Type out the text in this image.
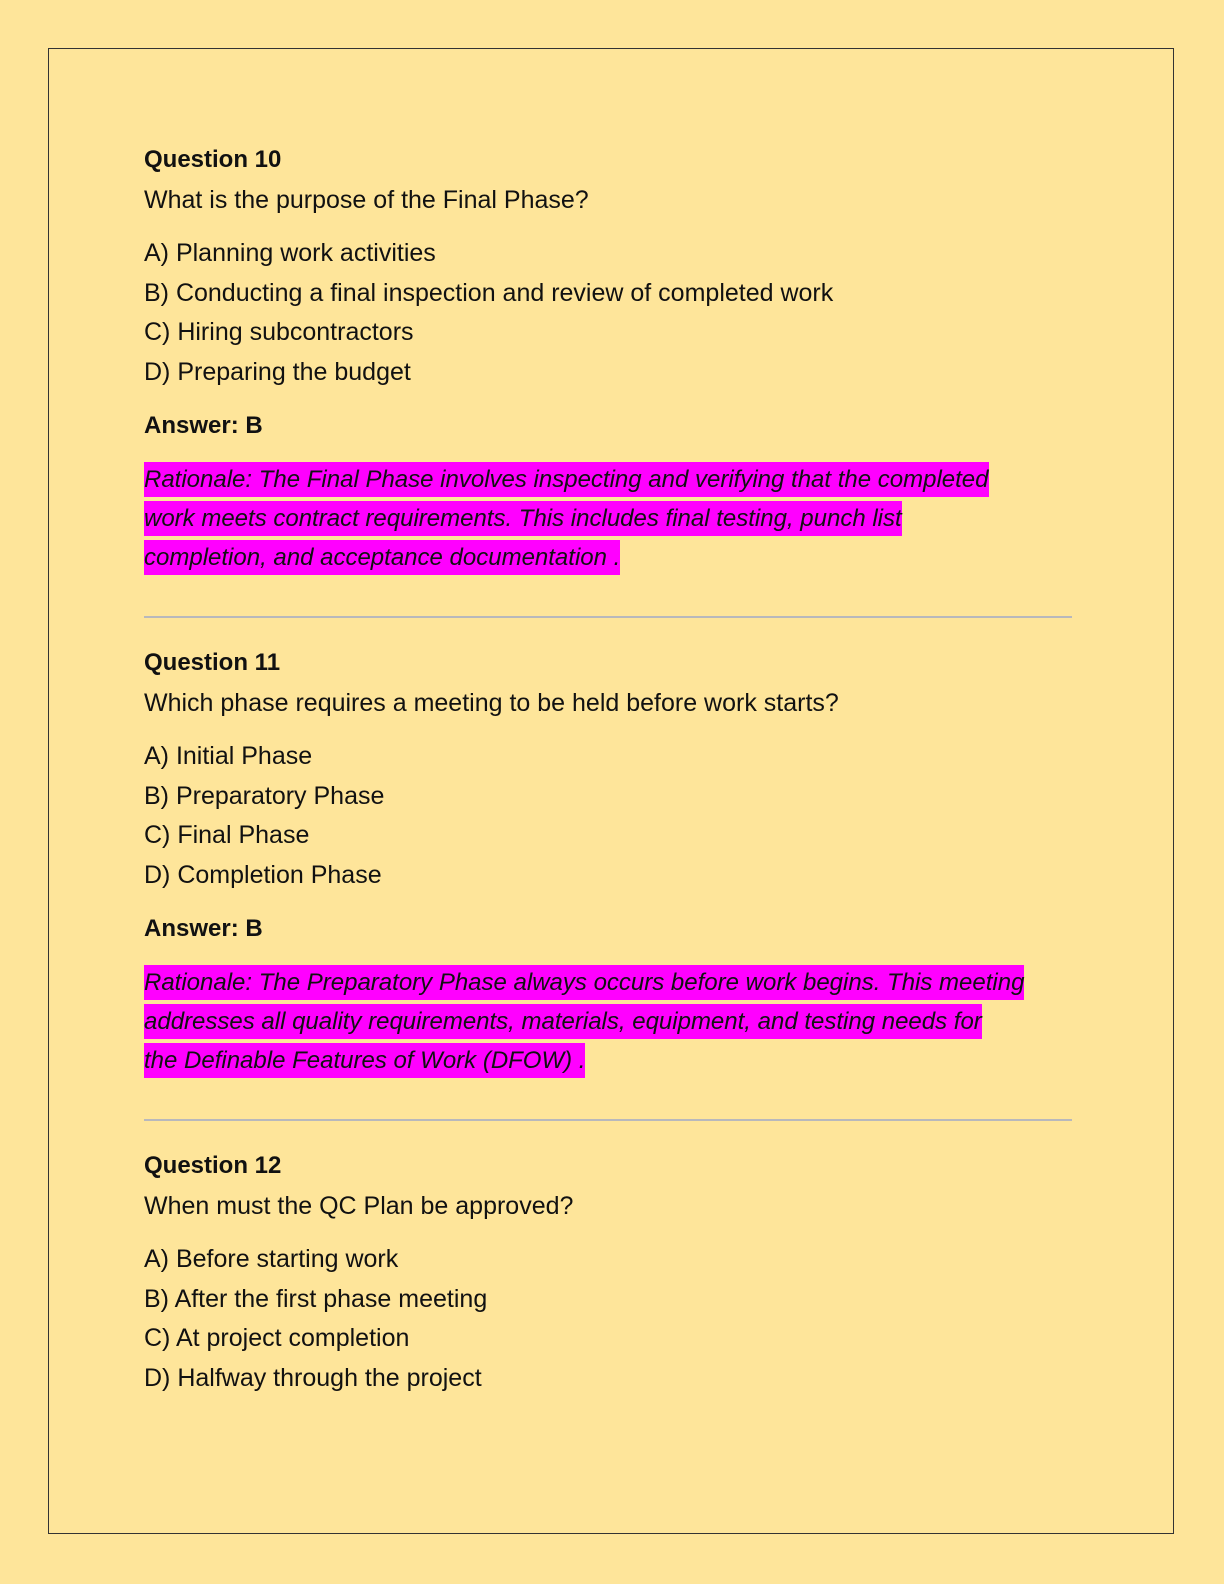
Question 10
What is the purpose of the Final Phase?
A) Planning work activities
B) Conducting a final inspection and review of completed work
C) Hiring subcontractors
D) Preparing the budget
Answer: B
Rationale: The Final Phase involves inspecting and verifying that the completed
work meets contract requirements. This includes final testing, punch list
completion, and acceptance documentation .
Question 11
Which phase requires a meeting to be held before work starts?
A) Initial Phase
B) Preparatory Phase
C) Final Phase
D) Completion Phase
Answer: B
Rationale: The Preparatory Phase always occurs before work begins. This meeting
addresses all quality requirements, materials, equipment, and testing needs for
the Definable Features of Work (DFOW) .
Question 12
When must the QC Plan be approved?
A) Before starting work
B) After the first phase meeting
C) At project completion
D) Halfway through the project
